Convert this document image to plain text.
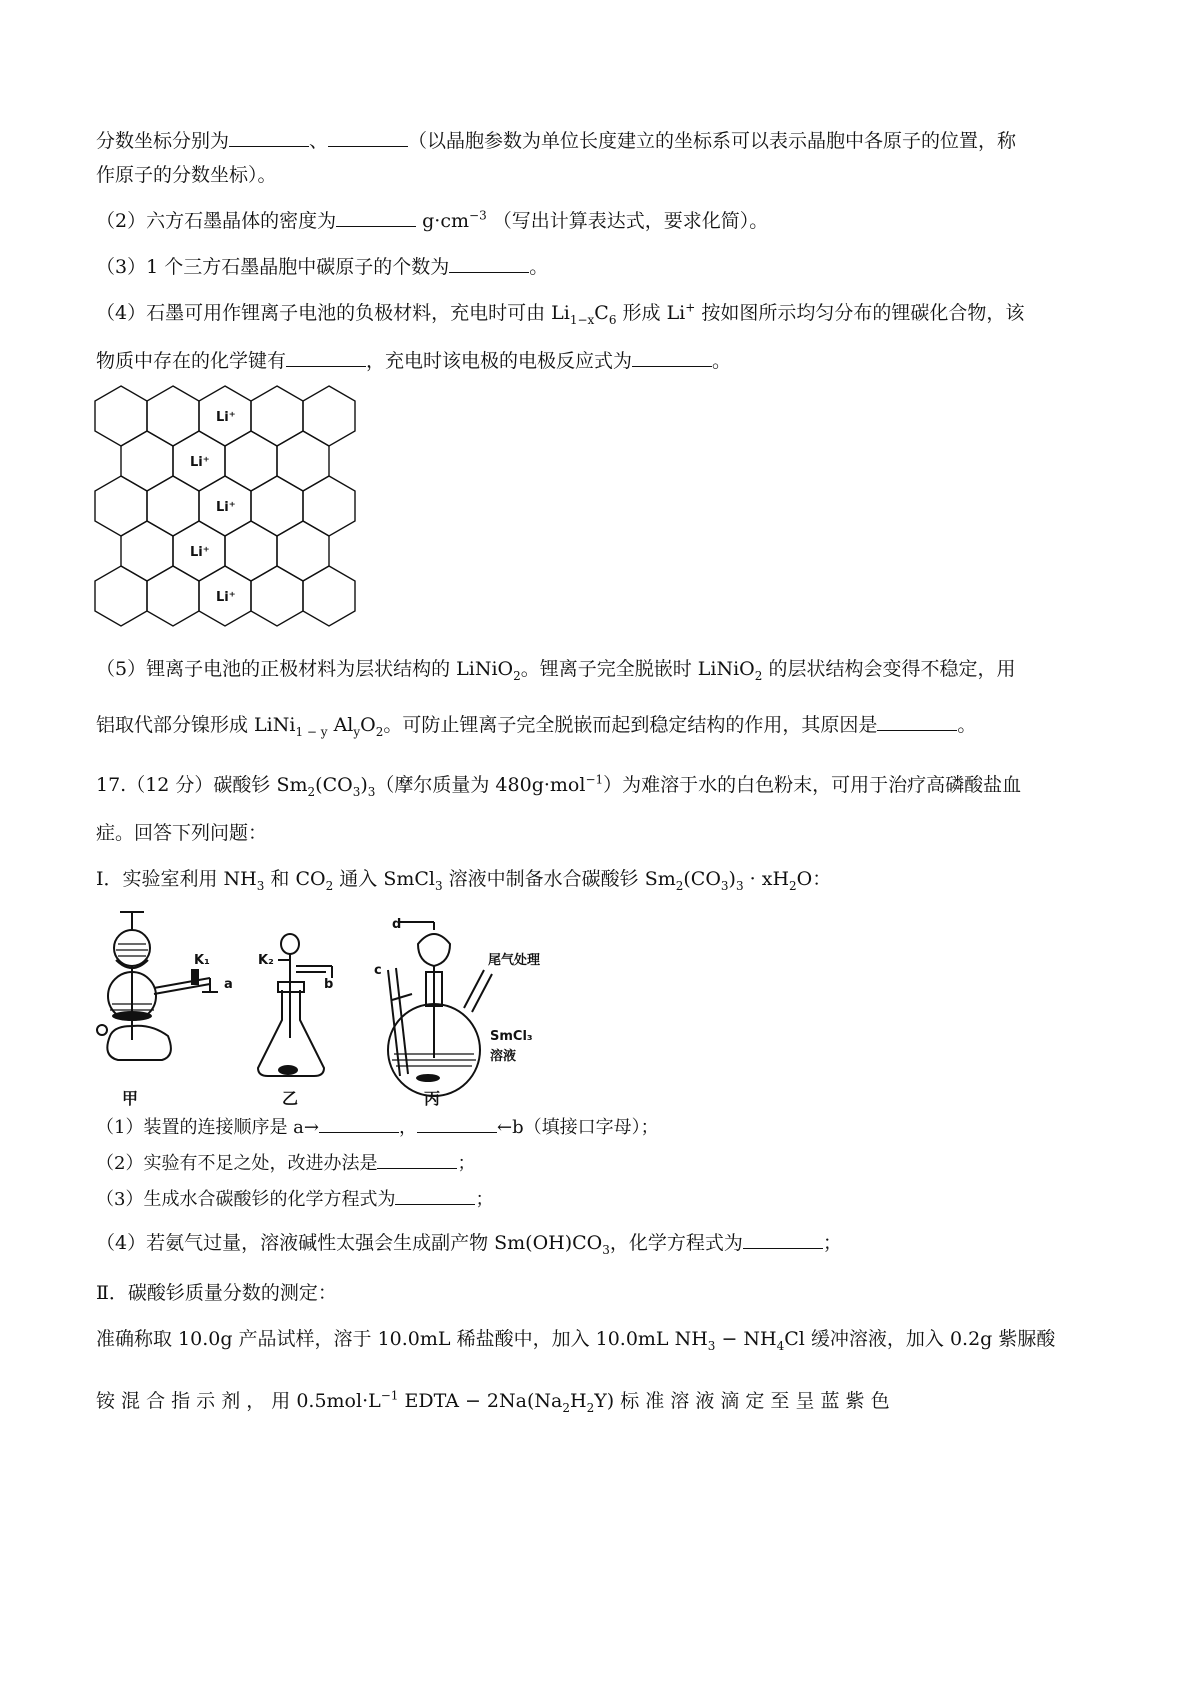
分数坐标分别为	、	（以晶胞参数为单位长度建立的坐标系可以表示晶胞中各原子的位置，称
作原子的分数坐标）。
（2）六方石墨晶体的密度为	$g\cdot cm^{-3}$ （写出计算表达式，要求化简）。
（3）1 个三方石墨晶胞中碳原子的个数为	。
（4）石墨可用作锂离子电池的负极材料，充电时可由 $Li_{1-x}C_6$ 形成 Li+ 按如图所示均匀分布的锂碳化合物，该
物质中存在的化学键有	，充电时该电极的电极反应式为	。
Li⁺
Li⁺
Li⁺
Li⁺
Li⁺
（5）锂离子电池的正极材料为层状结构的 LiNiO$_2$。锂离子完全脱嵌时 LiNiO$_2$ 的层状结构会变得不稳定，用
铝取代部分镍形成 LiNi$_{1 - y}$ $Al_yO_2$。可防止锂离子完全脱嵌而起到稳定结构的作用，其原因是	。
17.（12 分）碳酸钐 $Sm_2(CO_3)_3$（摩尔质量为 480g·mol$^{-1}$）为难溶于水的白色粉末，可用于治疗高磷酸盐血
症。回答下列问题：
Ⅰ．实验室利用 $NH_3$ 和 $CO_2$ 通入 SmCl$_3$ 溶液中制备水合碳酸钐 $Sm_2(CO_3)_3 \cdot xH_2O$：
K₁
a
K₂
b
d
c
尾气处理
SmCl₃
溶液
甲	乙	丙
（1）装置的连接顺序是 a→	，	←b（填接口字母）；
（2）实验有不足之处，改进办法是	；
（3）生成水合碳酸钐的化学方程式为	；
（4）若氨气过量，溶液碱性太强会生成副产物 $Sm(OH)CO_3$，化学方程式为	；
Ⅱ．碳酸钐质量分数的测定：
准确称取 10.0g 产品试样，溶于 10.0mL 稀盐酸中，加入 10.0mL $NH_3 - NH_4Cl$ 缓冲溶液，加入 0.2g 紫脲酸
铵 混 合 指 示 剂 ， 用 $0.5mol\cdot L^{-1}$ EDTA − $2Na(Na_2H_2Y)$ 标 准 溶 液 滴 定 至 呈 蓝 紫 色
